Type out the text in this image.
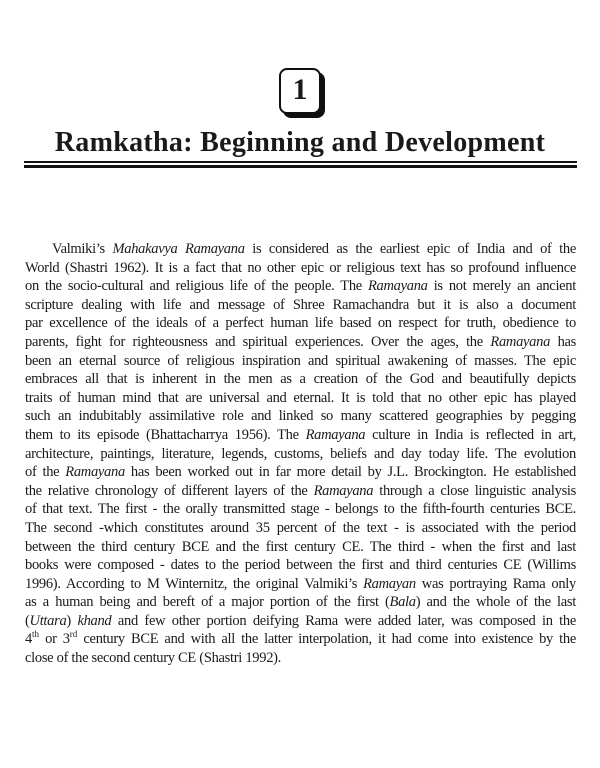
1
Ramkatha: Beginning and Development
Valmiki’s Mahakavya Ramayana is considered as the earliest epic of India and of the
World (Shastri 1962). It is a fact that no other epic or religious text has so profound influence
on the socio-cultural and religious life of the people. The Ramayana is not merely an ancient
scripture dealing with life and message of Shree Ramachandra but it is also a document
par excellence of the ideals of a perfect human life based on respect for truth, obedience to
parents, fight for righteousness and spiritual experiences. Over the ages, the Ramayana has
been an eternal source of religious inspiration and spiritual awakening of masses. The epic
embraces all that is inherent in the men as a creation of the God and beautifully depicts
traits of human mind that are universal and eternal. It is told that no other epic has played
such an indubitably assimilative role and linked so many scattered geographies by pegging
them to its episode (Bhattacharrya 1956). The Ramayana culture in India is reflected in art,
architecture, paintings, literature, legends, customs, beliefs and day today life. The evolution
of the Ramayana has been worked out in far more detail by J.L. Brockington. He established
the relative chronology of different layers of the Ramayana through a close linguistic analysis
of that text. The first - the orally transmitted stage - belongs to the fifth-fourth centuries BCE.
The second -which constitutes around 35 percent of the text - is associated with the period
between the third century BCE and the first century CE. The third - when the first and last
books were composed - dates to the period between the first and third centuries CE (Willims
1996). According to M Winternitz, the original Valmiki’s Ramayan was portraying Rama only
as a human being and bereft of a major portion of the first (Bala) and the whole of the last
(Uttara) khand and few other portion deifying Rama were added later, was composed in the
4th or 3rd century BCE and with all the latter interpolation, it had come into existence by the
close of the second century CE (Shastri 1992).
